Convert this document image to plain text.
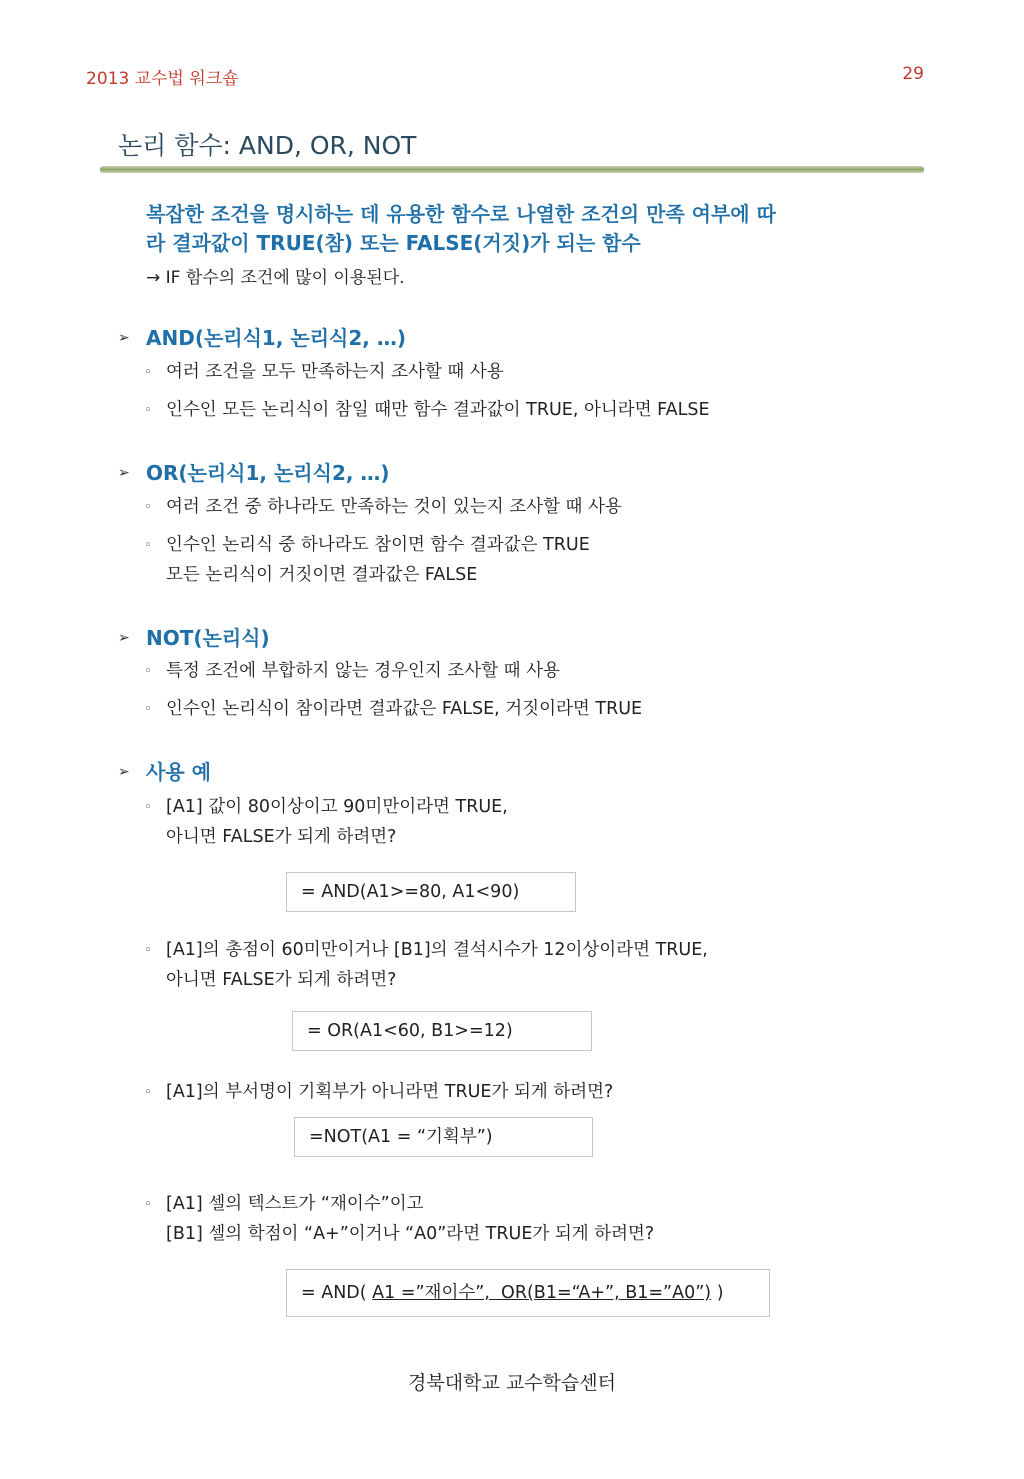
2013 교수법 워크숍	29
논리 함수: AND, OR, NOT
복잡한 조건을 명시하는 데 유용한 함수로 나열한 조건의 만족 여부에 따
라 결과값이 TRUE(참) 또는 FALSE(거짓)가 되는 함수
→ IF 함수의 조건에 많이 이용된다.
➢ AND(논리식1, 논리식2, …)
◦ 여러 조건을 모두 만족하는지 조사할 때 사용
◦ 인수인 모든 논리식이 참일 때만 함수 결과값이 TRUE, 아니라면 FALSE
➢ OR(논리식1, 논리식2, …)
◦ 여러 조건 중 하나라도 만족하는 것이 있는지 조사할 때 사용
◦ 인수인 논리식 중 하나라도 참이면 함수 결과값은 TRUE
모든 논리식이 거짓이면 결과값은 FALSE
➢ NOT(논리식)
◦ 특정 조건에 부합하지 않는 경우인지 조사할 때 사용
◦ 인수인 논리식이 참이라면 결과값은 FALSE, 거짓이라면 TRUE
➢ 사용 예
◦ [A1] 값이 80이상이고 90미만이라면 TRUE,
아니면 FALSE가 되게 하려면?
= AND(A1>=80, A1<90)
◦ [A1]의 총점이 60미만이거나 [B1]의 결석시수가 12이상이라면 TRUE,
아니면 FALSE가 되게 하려면?
= OR(A1<60, B1>=12)
◦ [A1]의 부서명이 기획부가 아니라면 TRUE가 되게 하려면?
=NOT(A1 = “기획부”)
◦ [A1] 셀의 텍스트가 “재이수”이고
[B1] 셀의 학점이 “A+”이거나 “A0”라면 TRUE가 되게 하려면?
= AND( A1 =”재이수”, OR(B1=“A+”, B1=”A0”) )
경북대학교 교수학습센터
